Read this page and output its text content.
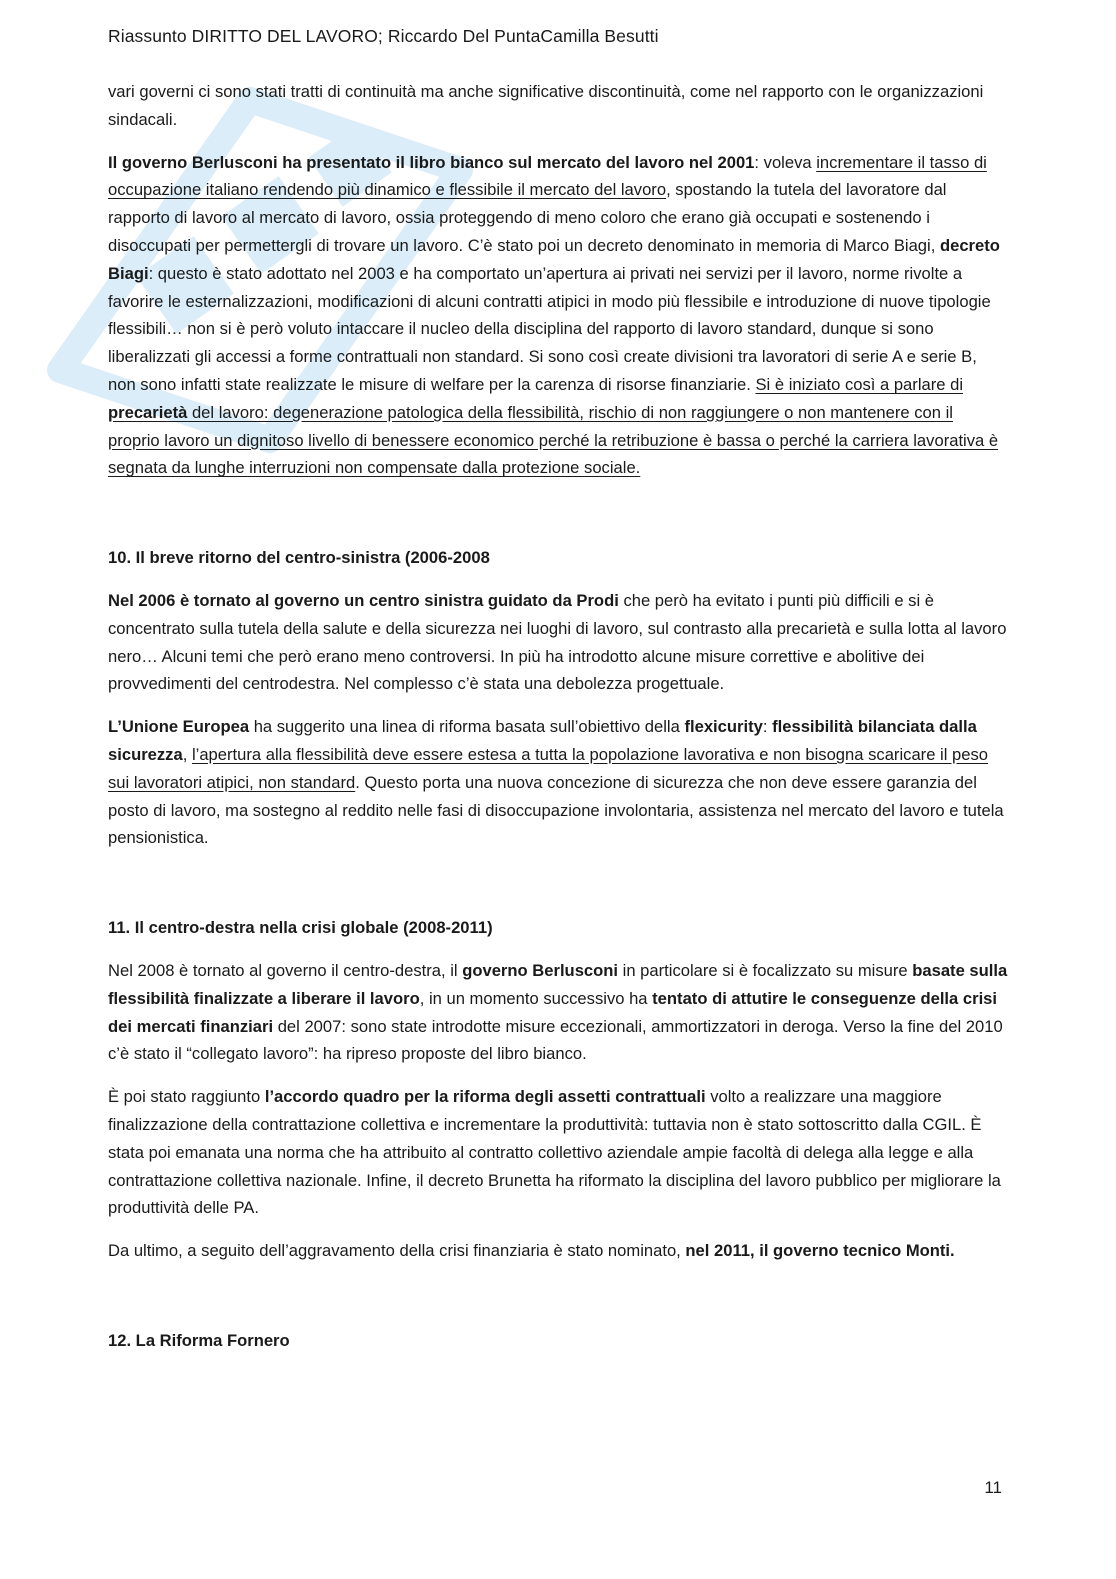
Riassunto DIRITTO DEL LAVORO; Riccardo Del PuntaCamilla Besutti

vari governi ci sono stati tratti di continuità ma anche significative discontinuità, come nel rapporto con le organizzazioni sindacali.

Il governo Berlusconi ha presentato il libro bianco sul mercato del lavoro nel 2001: voleva incrementare il tasso di occupazione italiano rendendo più dinamico e flessibile il mercato del lavoro, spostando la tutela del lavoratore dal rapporto di lavoro al mercato di lavoro, ossia proteggendo di meno coloro che erano già occupati e sostenendo i disoccupati per permettergli di trovare un lavoro. C’è stato poi un decreto denominato in memoria di Marco Biagi, decreto Biagi: questo è stato adottato nel 2003 e ha comportato un’apertura ai privati nei servizi per il lavoro, norme rivolte a favorire le esternalizzazioni, modificazioni di alcuni contratti atipici in modo più flessibile e introduzione di nuove tipologie flessibili… non si è però voluto intaccare il nucleo della disciplina del rapporto di lavoro standard, dunque si sono liberalizzati gli accessi a forme contrattuali non standard. Si sono così create divisioni tra lavoratori di serie A e serie B, non sono infatti state realizzate le misure di welfare per la carenza di risorse finanziarie. Si è iniziato così a parlare di precarietà del lavoro: degenerazione patologica della flessibilità, rischio di non raggiungere o non mantenere con il proprio lavoro un dignitoso livello di benessere economico perché la retribuzione è bassa o perché la carriera lavorativa è segnata da lunghe interruzioni non compensate dalla protezione sociale.

10. Il breve ritorno del centro-sinistra (2006-2008

Nel 2006 è tornato al governo un centro sinistra guidato da Prodi che però ha evitato i punti più difficili e si è concentrato sulla tutela della salute e della sicurezza nei luoghi di lavoro, sul contrasto alla precarietà e sulla lotta al lavoro nero… Alcuni temi che però erano meno controversi. In più ha introdotto alcune misure correttive e abolitive dei provvedimenti del centrodestra. Nel complesso c’è stata una debolezza progettuale.

L’Unione Europea ha suggerito una linea di riforma basata sull’obiettivo della flexicurity: flessibilità bilanciata dalla sicurezza, l’apertura alla flessibilità deve essere estesa a tutta la popolazione lavorativa e non bisogna scaricare il peso sui lavoratori atipici, non standard. Questo porta una nuova concezione di sicurezza che non deve essere garanzia del posto di lavoro, ma sostegno al reddito nelle fasi di disoccupazione involontaria, assistenza nel mercato del lavoro e tutela pensionistica.

11. Il centro-destra nella crisi globale (2008-2011)

Nel 2008 è tornato al governo il centro-destra, il governo Berlusconi in particolare si è focalizzato su misure basate sulla flessibilità finalizzate a liberare il lavoro, in un momento successivo ha tentato di attutire le conseguenze della crisi dei mercati finanziari del 2007: sono state introdotte misure eccezionali, ammortizzatori in deroga. Verso la fine del 2010 c’è stato il “collegato lavoro”: ha ripreso proposte del libro bianco.

È poi stato raggiunto l’accordo quadro per la riforma degli assetti contrattuali volto a realizzare una maggiore finalizzazione della contrattazione collettiva e incrementare la produttività: tuttavia non è stato sottoscritto dalla CGIL. È stata poi emanata una norma che ha attribuito al contratto collettivo aziendale ampie facoltà di delega alla legge e alla contrattazione collettiva nazionale. Infine, il decreto Brunetta ha riformato la disciplina del lavoro pubblico per migliorare la produttività delle PA.

Da ultimo, a seguito dell’aggravamento della crisi finanziaria è stato nominato, nel 2011, il governo tecnico Monti.

12. La Riforma Fornero
11
